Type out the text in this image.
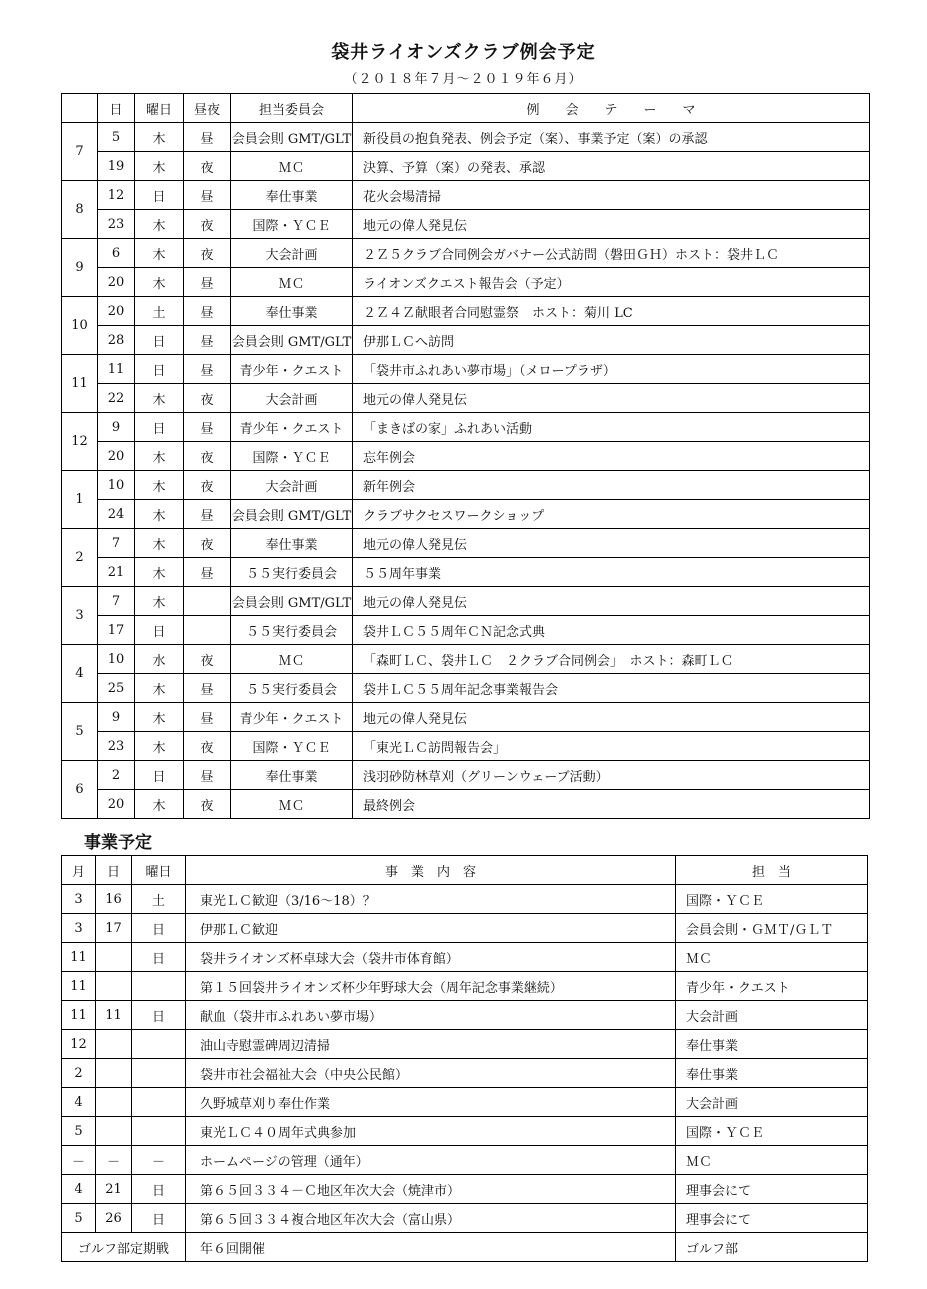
袋井ライオンズクラブ例会予定
（２０１８年７月～２０１９年６月）
	日	曜日	昼夜	担当委員会	例　　会　　テ　　ー　　マ
7	5	木	昼	会員会則 GMT/GLT	新役員の抱負発表、例会予定（案）、事業予定（案）の承認
	19	木	夜	ＭＣ	決算、予算（案）の発表、承認
8	12	日	昼	奉仕事業	花火会場清掃
	23	木	夜	国際・ＹＣＥ	地元の偉人発見伝
9	6	木	夜	大会計画	２Ｚ５クラブ合同例会ガバナー公式訪問（磐田ＧＨ）ホスト：袋井ＬＣ
	20	木	昼	ＭＣ	ライオンズクエスト報告会（予定）
10	20	土	昼	奉仕事業	２Ｚ４Ｚ献眼者合同慰霊祭　ホスト：菊川 LC
	28	日	昼	会員会則 GMT/GLT	伊那ＬＣへ訪問
11	11	日	昼	青少年・クエスト	「袋井市ふれあい夢市場」（メロープラザ）
	22	木	夜	大会計画	地元の偉人発見伝
12	9	日	昼	青少年・クエスト	「まきばの家」ふれあい活動
	20	木	夜	国際・ＹＣＥ	忘年例会
1	10	木	夜	大会計画	新年例会
	24	木	昼	会員会則 GMT/GLT	クラブサクセスワークショップ
2	7	木	夜	奉仕事業	地元の偉人発見伝
	21	木	昼	５５実行委員会	５５周年事業
3	7	木		会員会則 GMT/GLT	地元の偉人発見伝
	17	日		５５実行委員会	袋井ＬＣ５５周年ＣＮ記念式典
4	10	水	夜	ＭＣ	「森町ＬＣ、袋井ＬＣ　２クラブ合同例会」　ホスト：森町ＬＣ
	25	木	昼	５５実行委員会	袋井ＬＣ５５周年記念事業報告会
5	9	木	昼	青少年・クエスト	地元の偉人発見伝
	23	木	夜	国際・ＹＣＥ	「東光ＬＣ訪問報告会」
6	2	日	昼	奉仕事業	浅羽砂防林草刈（グリーンウェーブ活動）
	20	木	夜	ＭＣ	最終例会
事業予定
月	日	曜日	事　業　内　容	担　当
3	16	土	東光ＬＣ歓迎（3/16～18）？	国際・ＹＣＥ
3	17	日	伊那ＬＣ歓迎	会員会則・ＧＭＴ/ＧＬＴ
11		日	袋井ライオンズ杯卓球大会（袋井市体育館）	ＭＣ
11			第１５回袋井ライオンズ杯少年野球大会（周年記念事業継続）	青少年・クエスト
11	11	日	献血（袋井市ふれあい夢市場）	大会計画
12			油山寺慰霊碑周辺清掃	奉仕事業
2			袋井市社会福祉大会（中央公民館）	奉仕事業
4			久野城草刈り奉仕作業	大会計画
5			東光ＬＣ４０周年式典参加	国際・ＹＣＥ
－	－	－	ホームページの管理（通年）	ＭＣ
4	21	日	第６５回３３４－Ｃ地区年次大会（焼津市）	理事会にて
5	26	日	第６５回３３４複合地区年次大会（富山県）	理事会にて
ゴルフ部定期戦			年６回開催	ゴルフ部
